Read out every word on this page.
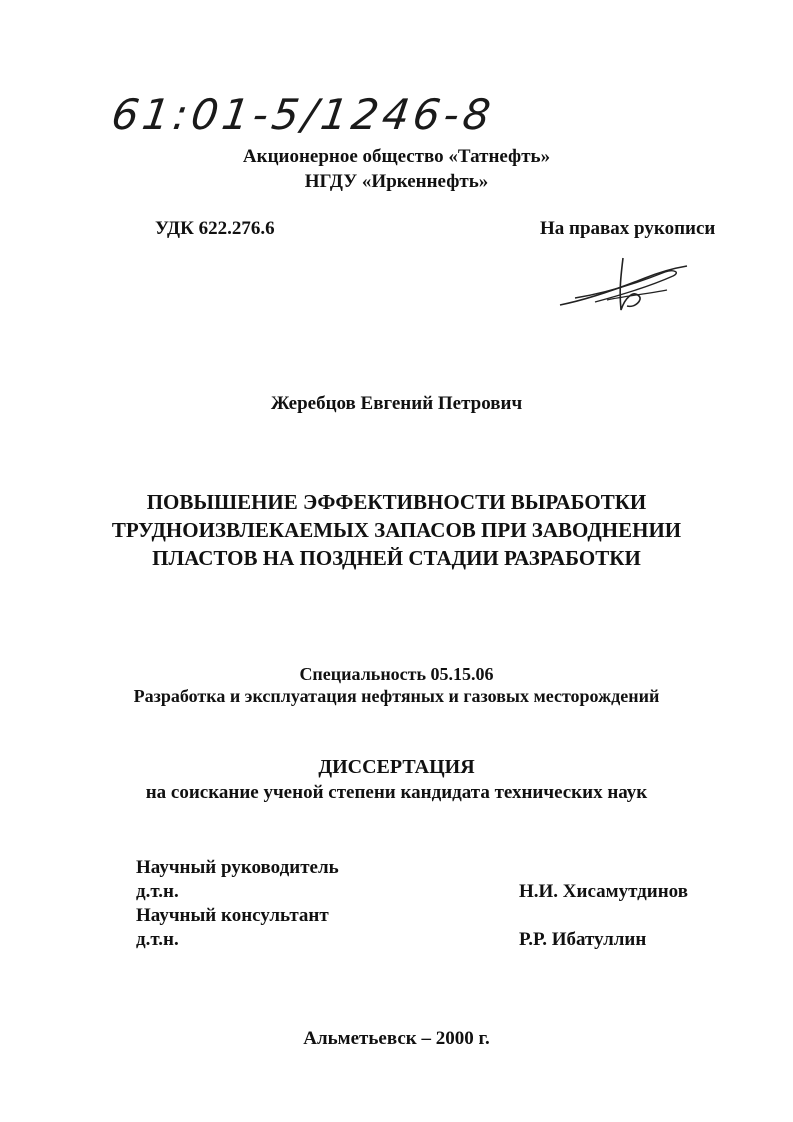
61:01-5/1246-8
Акционерное общество «Татнефть»
НГДУ «Иркеннефть»
УДК 622.276.6	На правах рукописи
Жеребцов Евгений Петрович
ПОВЫШЕНИЕ ЭФФЕКТИВНОСТИ ВЫРАБОТКИ
ТРУДНОИЗВЛЕКАЕМЫХ ЗАПАСОВ ПРИ ЗАВОДНЕНИИ
ПЛАСТОВ НА ПОЗДНЕЙ СТАДИИ РАЗРАБОТКИ
Специальность 05.15.06
Разработка и эксплуатация нефтяных и газовых месторождений
ДИССЕРТАЦИЯ
на соискание ученой степени кандидата технических наук
Научный руководитель
д.т.н.	Н.И. Хисамутдинов
Научный консультант
д.т.н.	Р.Р. Ибатуллин
Альметьевск – 2000 г.
